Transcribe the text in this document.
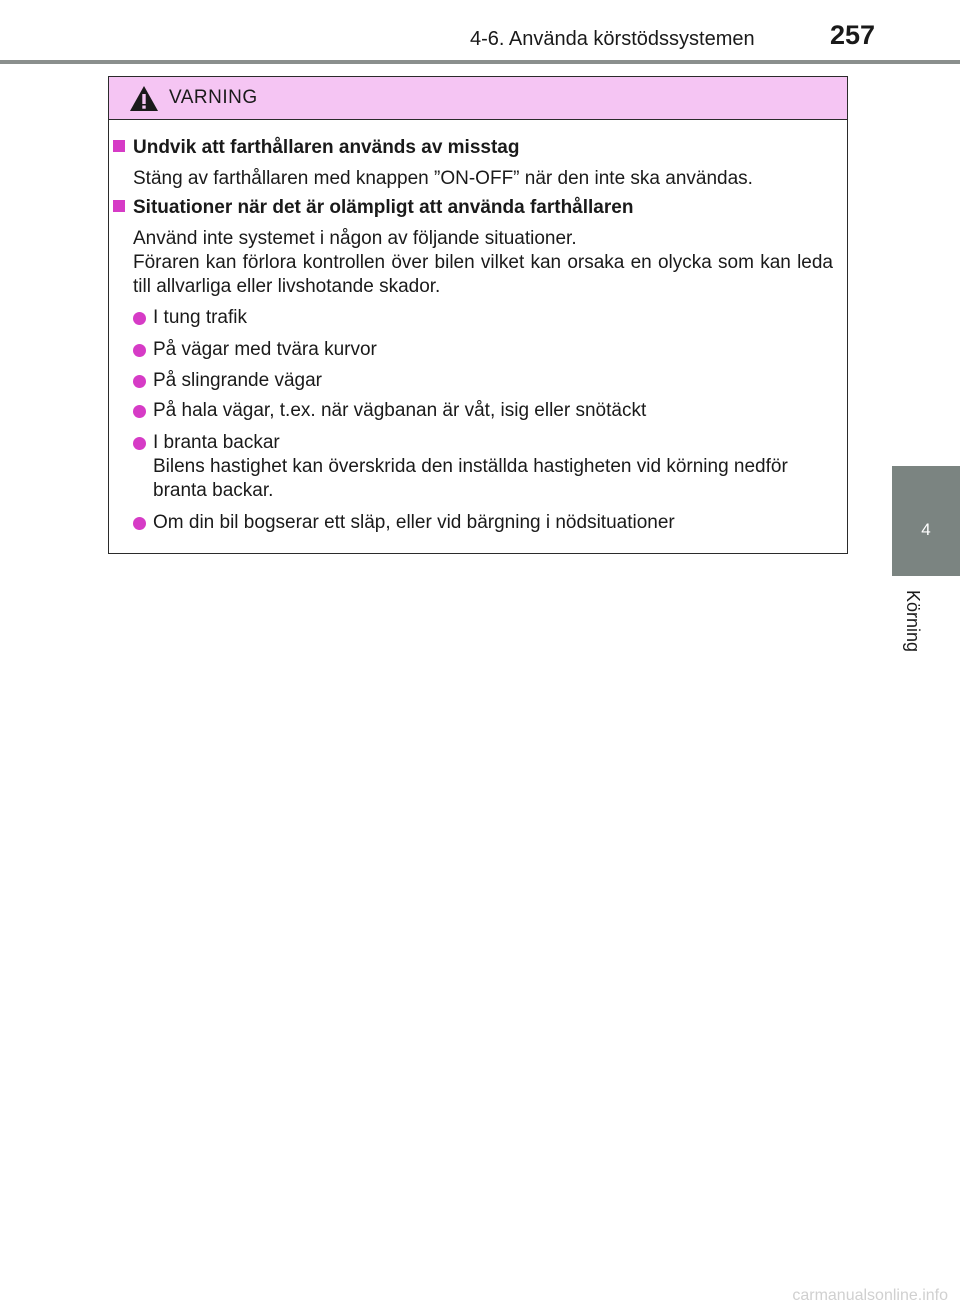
4-6. Använda körstödssystemen	257
4
Körning
VARNING
Undvik att farthållaren används av misstag
Stäng av farthållaren med knappen ”ON-OFF” när den inte ska användas.
Situationer när det är olämpligt att använda farthållaren
Använd inte systemet i någon av följande situationer.
Föraren kan förlora kontrollen över bilen vilket kan orsaka en olycka som kan leda till allvarliga eller livshotande skador.
I tung trafik
På vägar med tvära kurvor
På slingrande vägar
På hala vägar, t.ex. när vägbanan är våt, isig eller snötäckt
I branta backar
Bilens hastighet kan överskrida den inställda hastigheten vid körning nedför branta backar.
Om din bil bogserar ett släp, eller vid bärgning i nödsituationer
carmanualsonline.info
